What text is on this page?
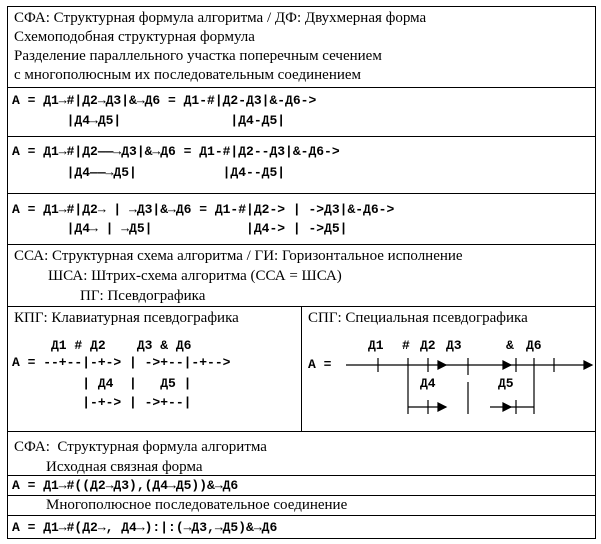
СФА: Структурная формула алгоритма / ДФ: Двухмерная форма
Схемоподобная структурная формула
Разделение параллельного участка поперечным сечением
с многополюсным их последовательным соединением
A = Д1→#|Д2→Д3|&→Д6 = Д1-#|Д2-Д3|&-Д6->
|Д4→Д5|              |Д4-Д5|
A = Д1→#|Д2——→Д3|&→Д6 = Д1-#|Д2--Д3|&-Д6->
|Д4——→Д5|           |Д4--Д5|
A = Д1→#|Д2→ | →Д3|&→Д6 = Д1-#|Д2-> | ->Д3|&-Д6->
|Д4→ | →Д5|            |Д4-> | ->Д5|
ССА: Структурная схема алгоритма / ГИ: Горизонтальное исполнение
ШСА: Штрих-схема алгоритма (ССА = ШСА)
ПГ: Псевдографика
КПГ: Клавиатурная псевдографика
Д1 # Д2    Д3 & Д6
A = --+--|-+-> | ->+--|-+-->
| Д4  |   Д5 |
|-+-> | ->+--|
СПГ: Специальная псевдографика
Д1 # Д2 Д3	& Д6
A =
Д4	Д5
СФА:  Структурная формула алгоритма
Исходная связная форма
A = Д1→#((Д2→Д3),(Д4→Д5))&→Д6
Многополюсное последовательное соединение
A = Д1→#(Д2→, Д4→):|:(→Д3,→Д5)&→Д6
